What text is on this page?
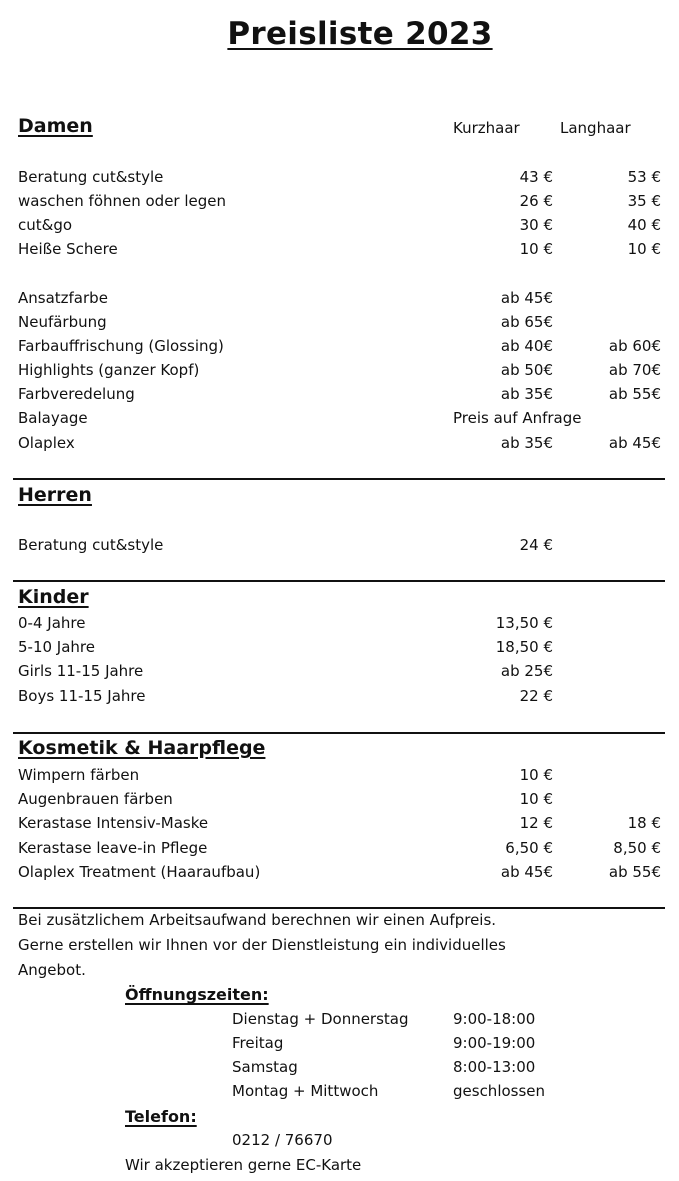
Preisliste 2023
Damen	Kurzhaar	Langhaar
Beratung cut&style	43 €	53 €
waschen föhnen oder legen	26 €	35 €
cut&go	30 €	40 €
Heiße Schere	10 €	10 €
Ansatzfarbe	ab 45€
Neufärbung	ab 65€
Farbauffrischung (Glossing)	ab 40€	ab 60€
Highlights (ganzer Kopf)	ab 50€	ab 70€
Farbveredelung	ab 35€	ab 55€
Balayage	Preis auf Anfrage
Olaplex	ab 35€	ab 45€
Herren
Beratung cut&style	24 €
Kinder
0-4 Jahre	13,50 €
5-10 Jahre	18,50 €
Girls 11-15 Jahre	ab 25€
Boys 11-15 Jahre	22 €
Kosmetik & Haarpflege
Wimpern färben	10 €
Augenbrauen färben	10 €
Kerastase Intensiv-Maske	12 €	18 €
Kerastase leave-in Pflege	6,50 €	8,50 €
Olaplex Treatment (Haaraufbau)	ab 45€	ab 55€
Bei zusätzlichem Arbeitsaufwand berechnen wir einen Aufpreis.
Gerne erstellen wir Ihnen vor der Dienstleistung ein individuelles
Angebot.
Öffnungszeiten:
Dienstag + Donnerstag	9:00-18:00
Freitag	9:00-19:00
Samstag	8:00-13:00
Montag + Mittwoch	geschlossen
Telefon:
0212 / 76670
Wir akzeptieren gerne EC-Karte
